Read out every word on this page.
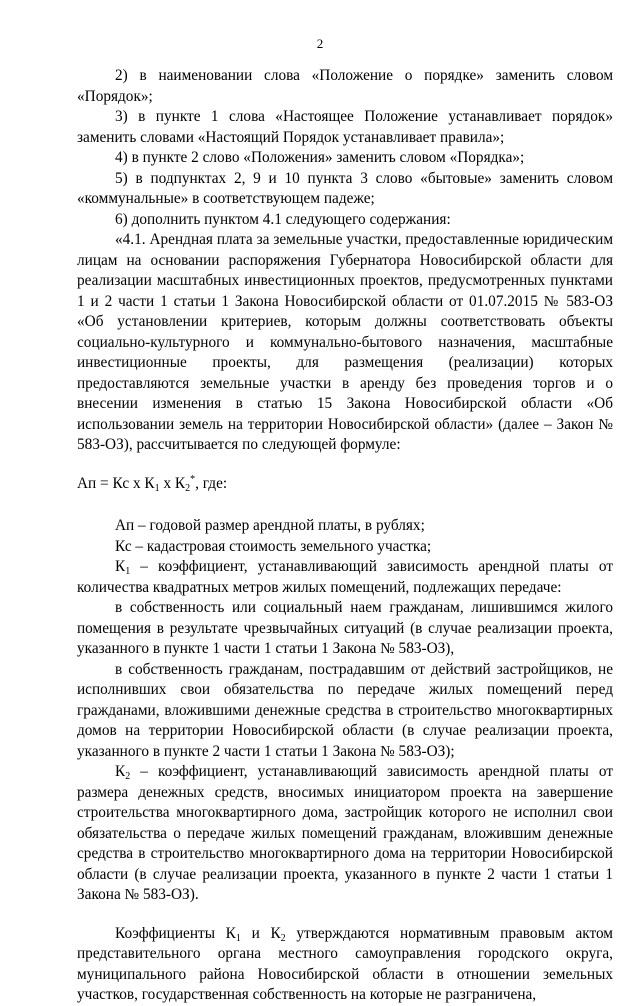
2

2) в наименовании слова «Положение о порядке» заменить словом «Порядок»;

3) в пункте 1 слова «Настоящее Положение устанавливает порядок» заменить словами «Настоящий Порядок устанавливает правила»;

4) в пункте 2 слово «Положения» заменить словом «Порядка»;

5) в подпунктах 2, 9 и 10 пункта 3 слово «бытовые» заменить словом «коммунальные» в соответствующем падеже;

6) дополнить пунктом 4.1 следующего содержания:

«4.1. Арендная плата за земельные участки, предоставленные юридическим лицам на основании распоряжения Губернатора Новосибирской области для реализации масштабных инвестиционных проектов, предусмотренных пунктами 1 и 2 части 1 статьи 1 Закона Новосибирской области от 01.07.2015 № 583-ОЗ «Об установлении критериев, которым должны соответствовать объекты социально-культурного и коммунально-бытового назначения, масштабные инвестиционные проекты, для размещения (реализации) которых предоставляются земельные участки в аренду без проведения торгов и о внесении изменения в статью 15 Закона Новосибирской области «Об использовании земель на территории Новосибирской области» (далее – Закон № 583-ОЗ), рассчитывается по следующей формуле:

Ап = Кс х $К_1$ х $К_2^*$, где:

Ап – годовой размер арендной платы, в рублях;

Кс – кадастровая стоимость земельного участка;

$К_1$ – коэффициент, устанавливающий зависимость арендной платы от количества квадратных метров жилых помещений, подлежащих передаче:

в собственность или социальный наем гражданам, лишившимся жилого помещения в результате чрезвычайных ситуаций (в случае реализации проекта, указанного в пункте 1 части 1 статьи 1 Закона № 583-ОЗ),

в собственность гражданам, пострадавшим от действий застройщиков, не исполнивших свои обязательства по передаче жилых помещений перед гражданами, вложившими денежные средства в строительство многоквартирных домов на территории Новосибирской области (в случае реализации проекта, указанного в пункте 2 части 1 статьи 1 Закона № 583-ОЗ);

$К_2$ – коэффициент, устанавливающий зависимость арендной платы от размера денежных средств, вносимых инициатором проекта на завершение строительства многоквартирного дома, застройщик которого не исполнил свои обязательства о передаче жилых помещений гражданам, вложившим денежные средства в строительство многоквартирного дома на территории Новосибирской области (в случае реализации проекта, указанного в пункте 2 части 1 статьи 1 Закона № 583-ОЗ).

Коэффициенты $К_1$ и $К_2$ утверждаются нормативным правовым актом представительного органа местного самоуправления городского округа, муниципального района Новосибирской области в отношении земельных участков, государственная собственность на которые не разграничена,
